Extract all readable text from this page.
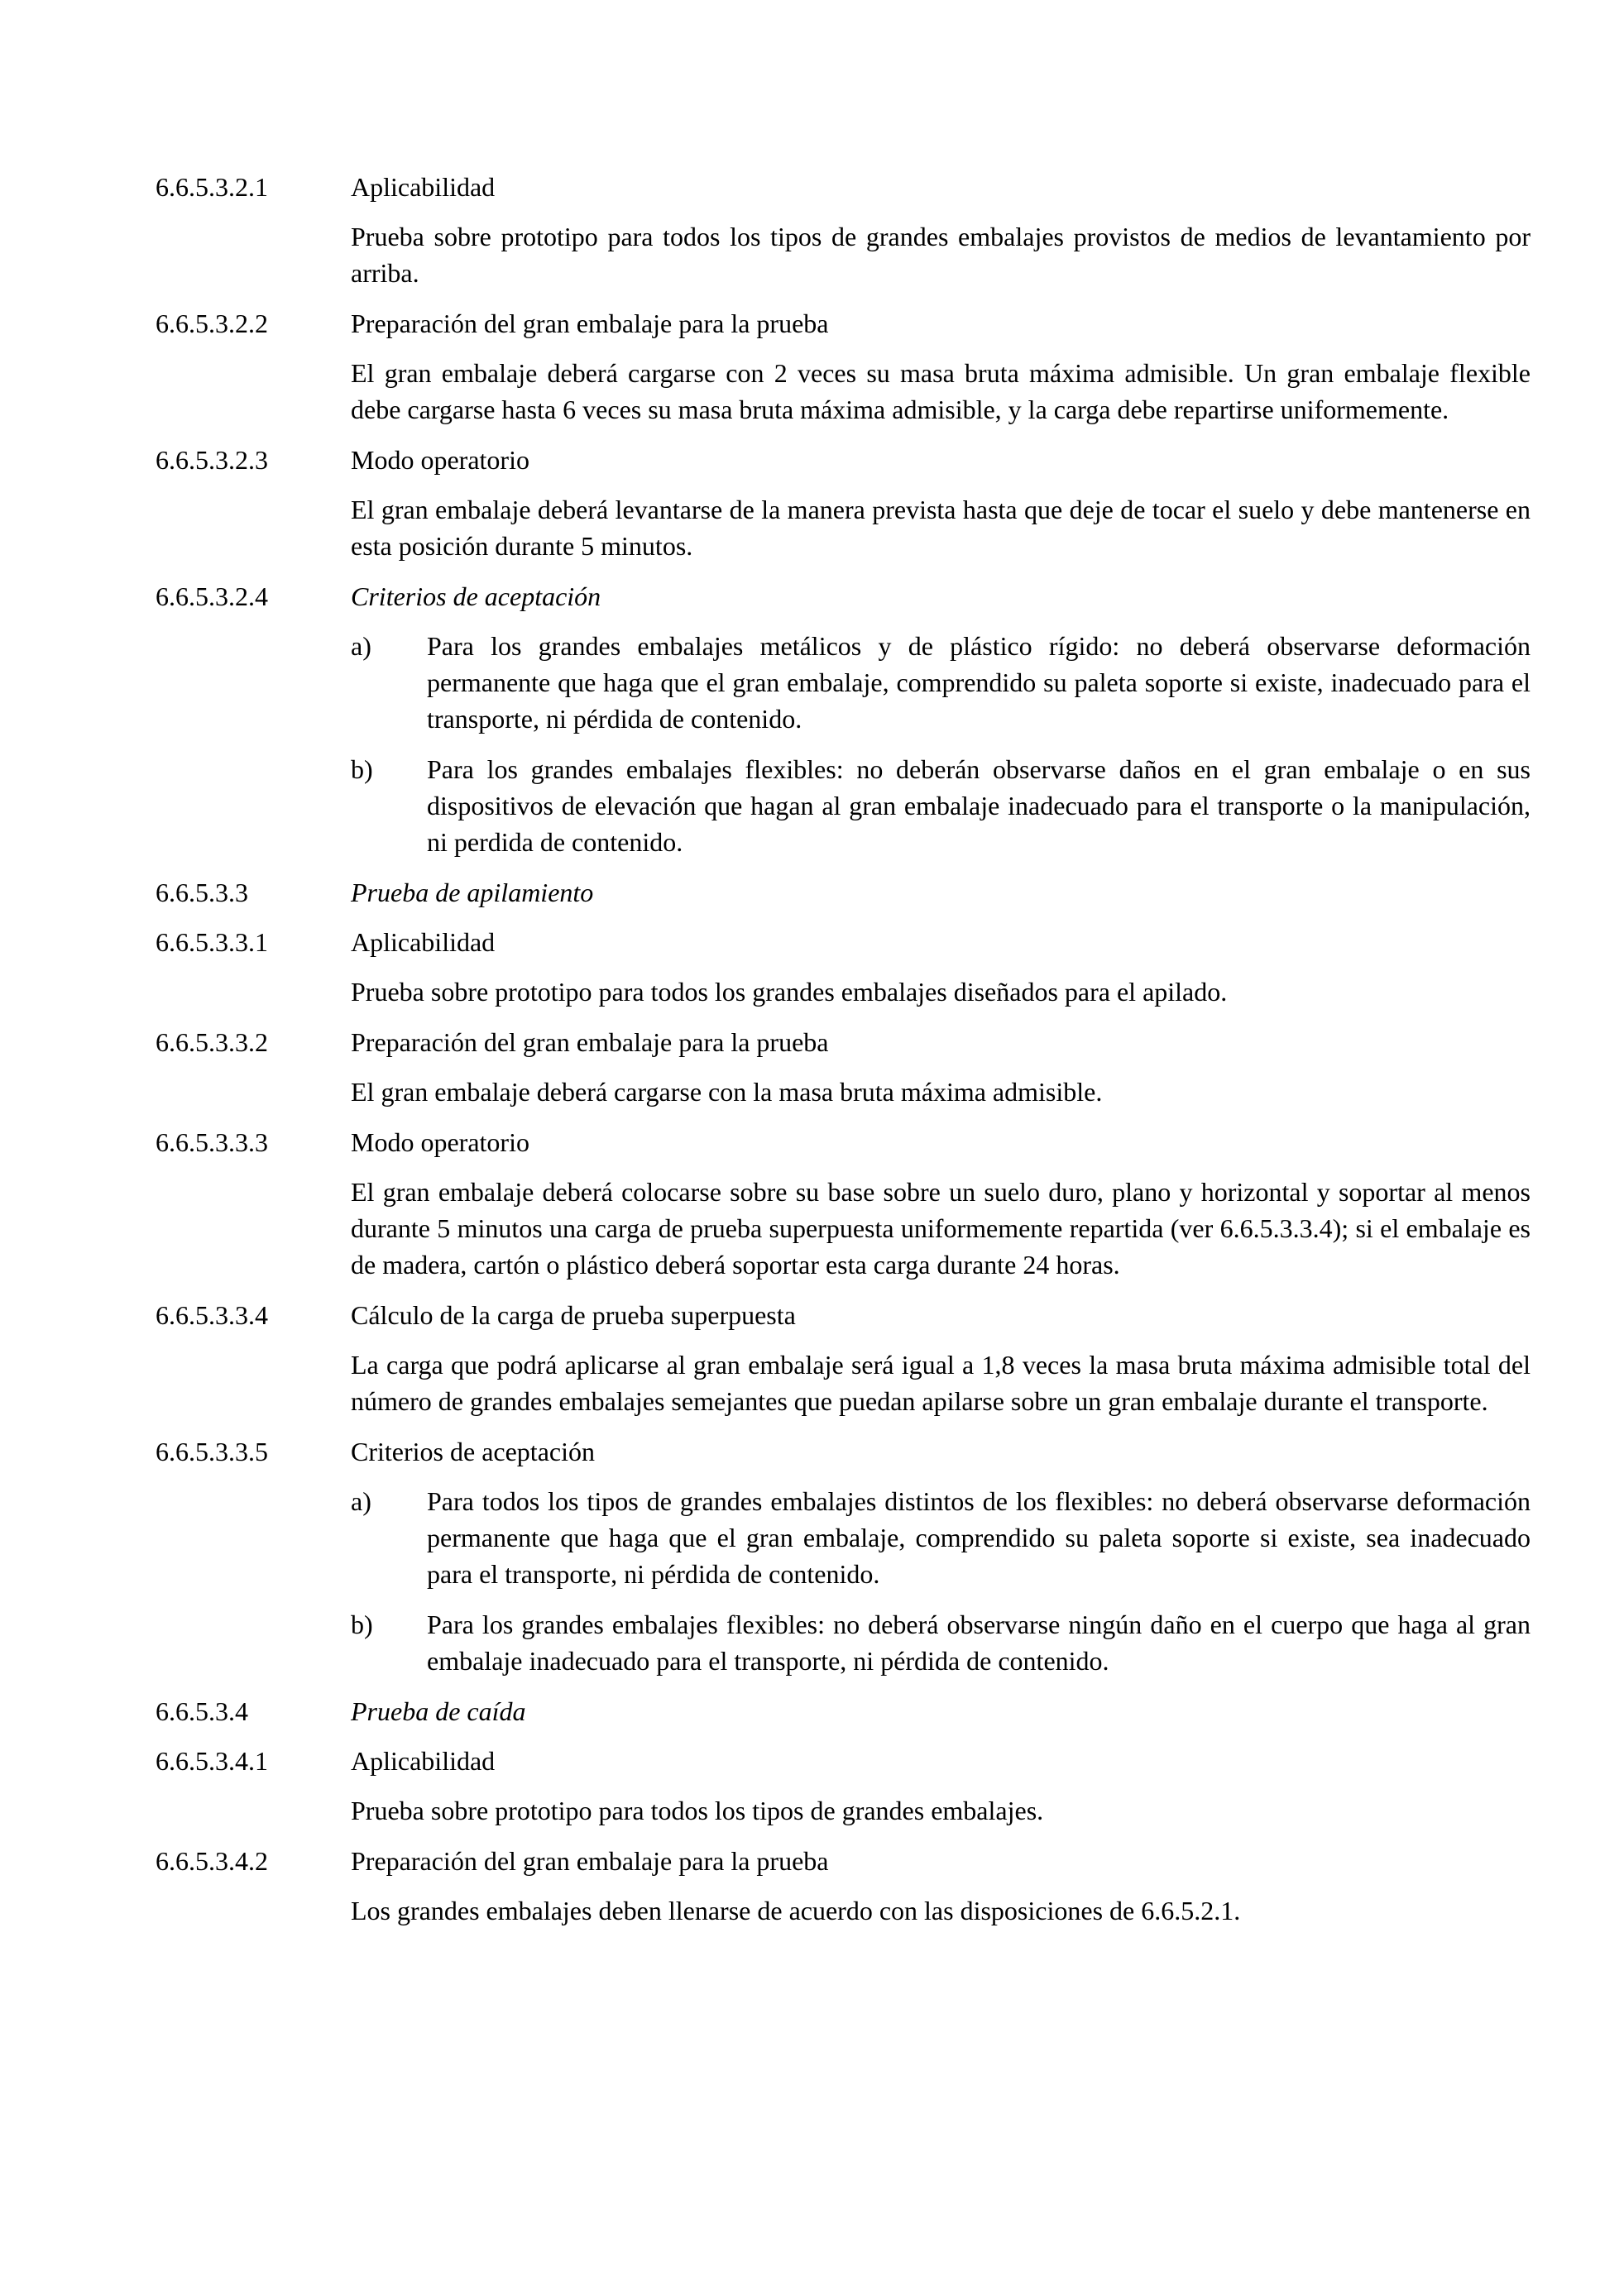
6.6.5.3.2.1	Aplicabilidad
Prueba sobre prototipo para todos los tipos de grandes embalajes provistos de medios de levantamiento por arriba.
6.6.5.3.2.2	Preparación del gran embalaje para la prueba
El gran embalaje deberá cargarse con 2 veces su masa bruta máxima admisible. Un gran embalaje flexible debe cargarse hasta 6 veces su masa bruta máxima admisible, y la carga debe repartirse uniformemente.
6.6.5.3.2.3	Modo operatorio
El gran embalaje deberá levantarse de la manera prevista hasta que deje de tocar el suelo y debe mantenerse en esta posición durante 5 minutos.
6.6.5.3.2.4	Criterios de aceptación
a) Para los grandes embalajes metálicos y de plástico rígido: no deberá observarse deformación permanente que haga que el gran embalaje, comprendido su paleta soporte si existe, inadecuado para el transporte, ni pérdida de contenido.
b) Para los grandes embalajes flexibles: no deberán observarse daños en el gran embalaje o en sus dispositivos de elevación que hagan al gran embalaje inadecuado para el transporte o la manipulación, ni perdida de contenido.
6.6.5.3.3	Prueba de apilamiento
6.6.5.3.3.1	Aplicabilidad
Prueba sobre prototipo para todos los grandes embalajes diseñados para el apilado.
6.6.5.3.3.2	Preparación del gran embalaje para la prueba
El gran embalaje deberá cargarse con la masa bruta máxima admisible.
6.6.5.3.3.3	Modo operatorio
El gran embalaje deberá colocarse sobre su base sobre un suelo duro, plano y horizontal y soportar al menos durante 5 minutos una carga de prueba superpuesta uniformemente repartida (ver 6.6.5.3.3.4); si el embalaje es de madera, cartón o plástico deberá soportar esta carga durante 24 horas.
6.6.5.3.3.4	Cálculo de la carga de prueba superpuesta
La carga que podrá aplicarse al gran embalaje será igual a 1,8 veces la masa bruta máxima admisible total del número de grandes embalajes semejantes que puedan apilarse sobre un gran embalaje durante el transporte.
6.6.5.3.3.5	Criterios de aceptación
a) Para todos los tipos de grandes embalajes distintos de los flexibles: no deberá observarse deformación permanente que haga que el gran embalaje, comprendido su paleta soporte si existe, sea inadecuado para el transporte, ni pérdida de contenido.
b) Para los grandes embalajes flexibles: no deberá observarse ningún daño en el cuerpo que haga al gran embalaje inadecuado para el transporte, ni pérdida de contenido.
6.6.5.3.4	Prueba de caída
6.6.5.3.4.1	Aplicabilidad
Prueba sobre prototipo para todos los tipos de grandes embalajes.
6.6.5.3.4.2	Preparación del gran embalaje para la prueba
Los grandes embalajes deben llenarse de acuerdo con las disposiciones de 6.6.5.2.1.
